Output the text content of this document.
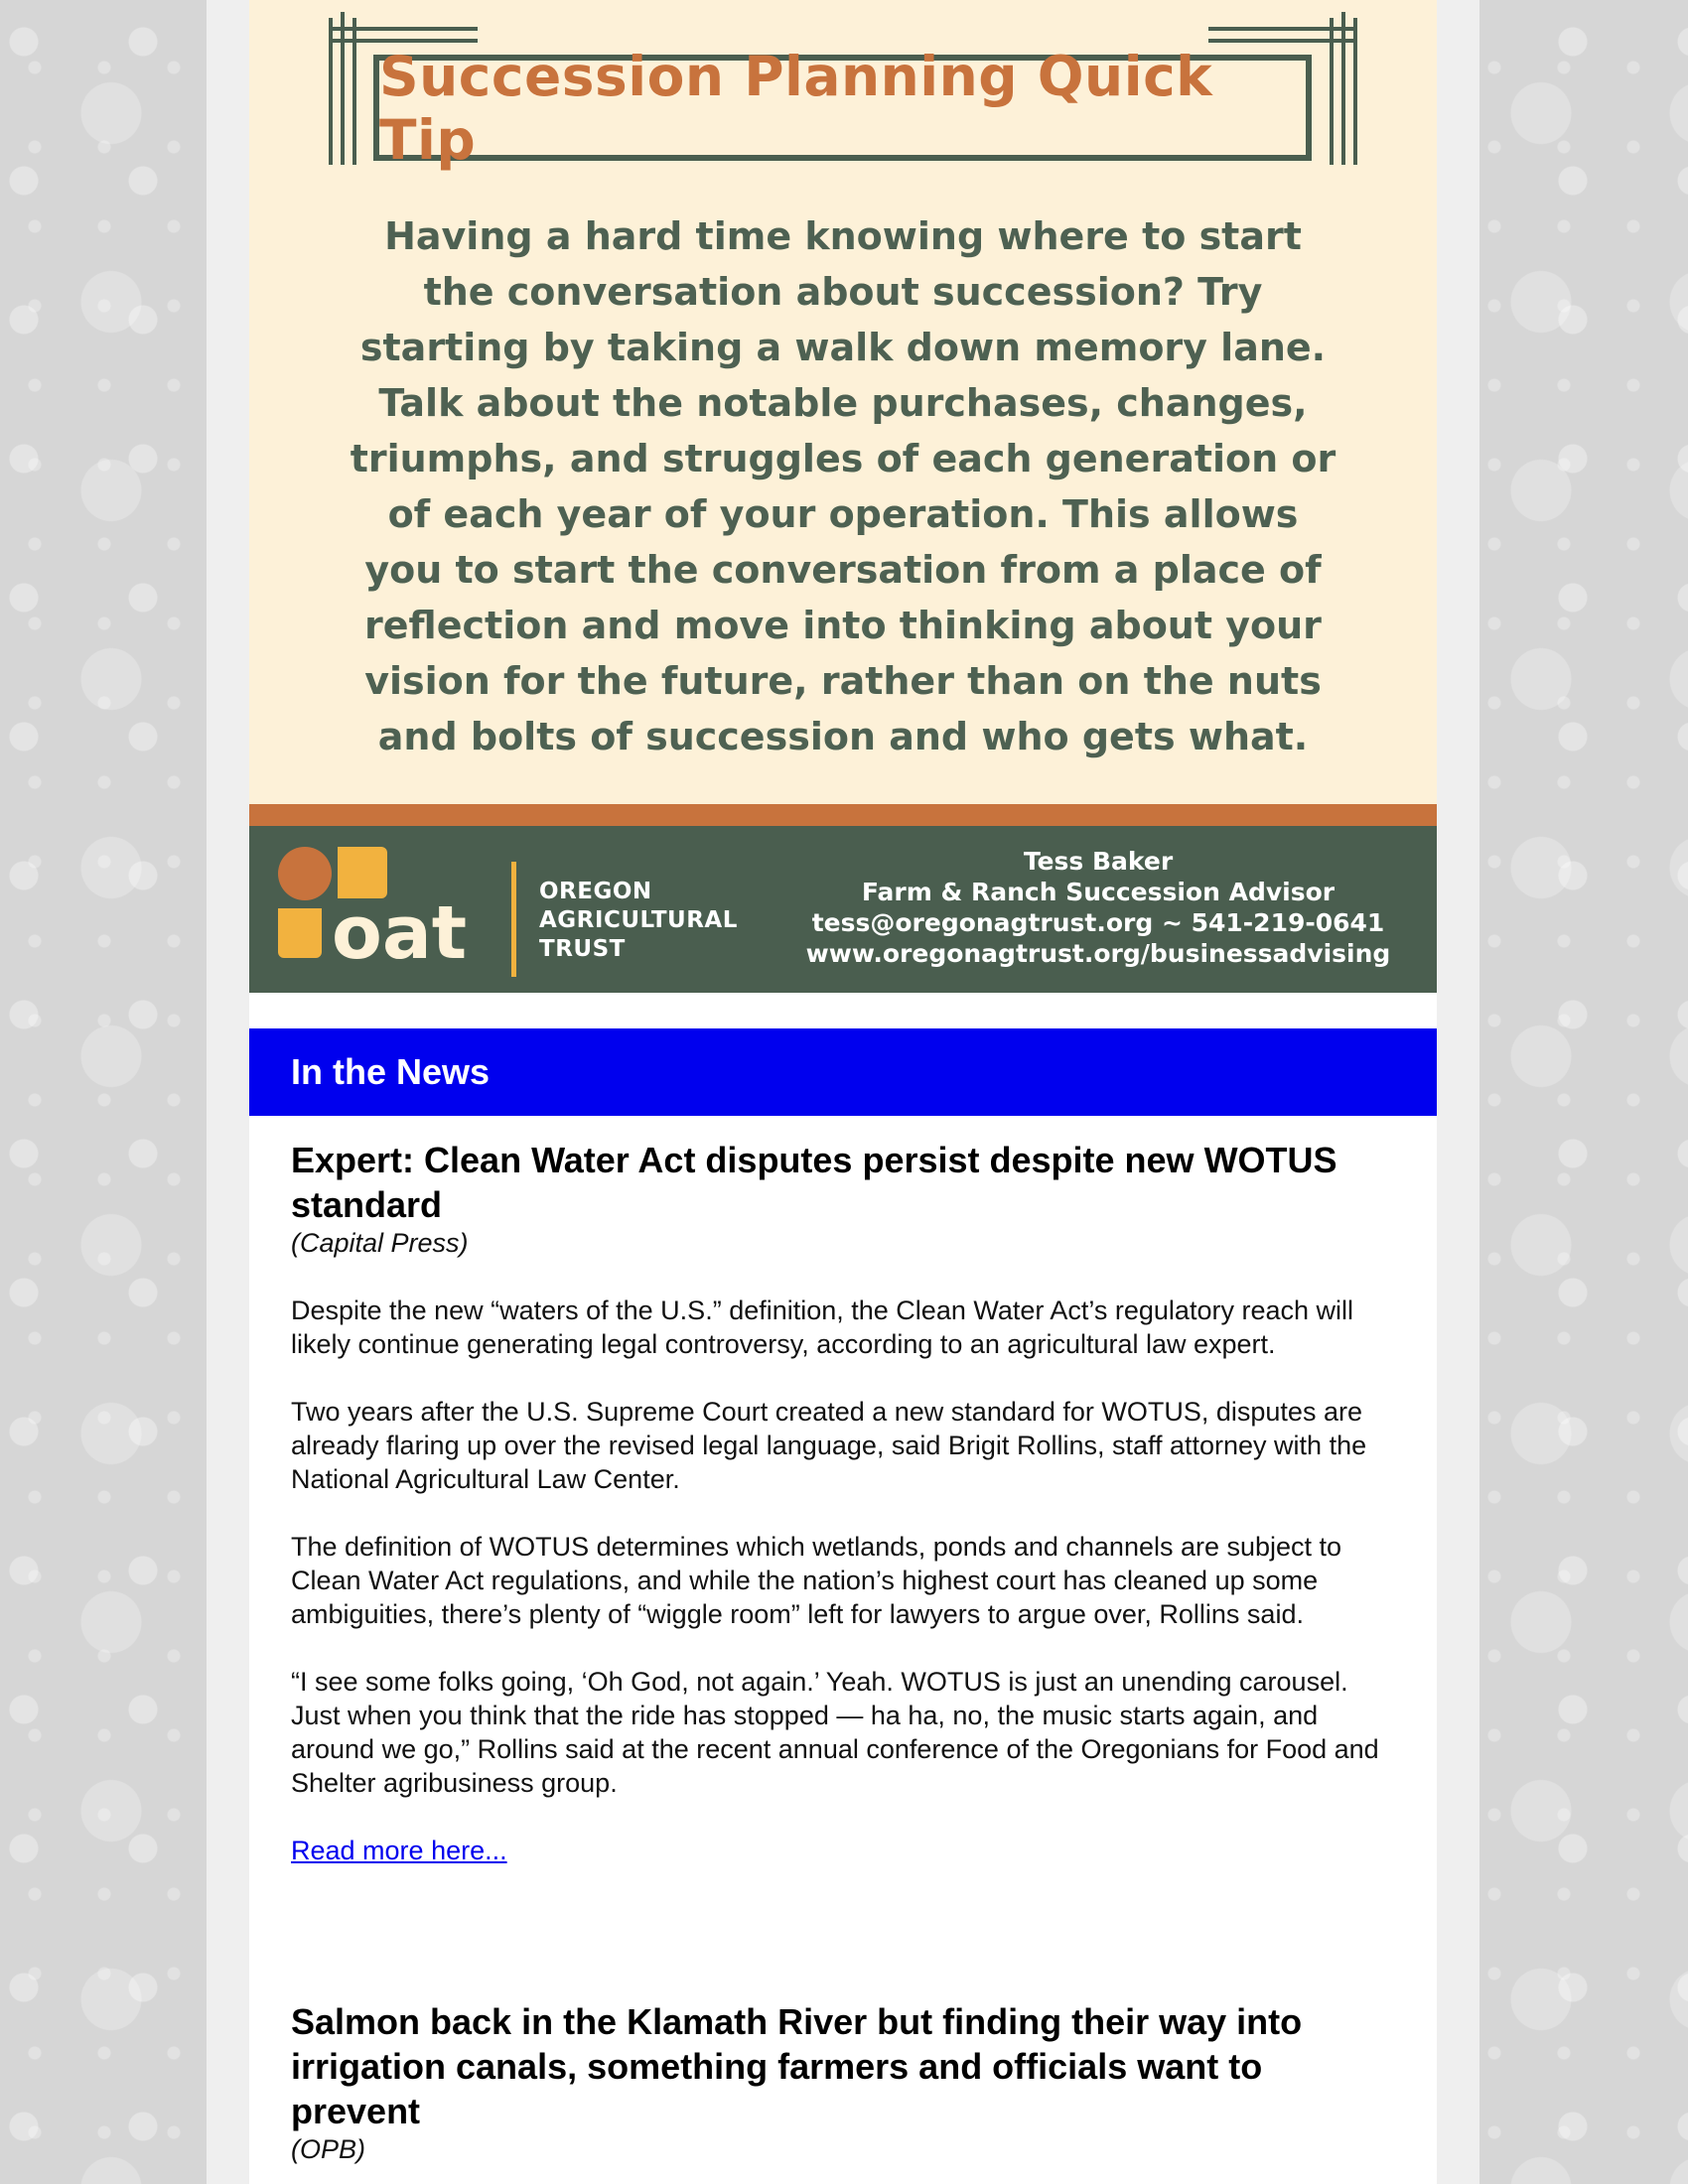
Succession Planning Quick Tip
Having a hard time knowing where to start the conversation about succession? Try starting by taking a walk down memory lane. Talk about the notable purchases, changes, triumphs, and struggles of each generation or of each year of your operation. This allows you to start the conversation from a place of reflection and move into thinking about your vision for the future, rather than on the nuts and bolts of succession and who gets what.
oat	OREGON
AGRICULTURAL
TRUST
Tess Baker
Farm & Ranch Succession Advisor
tess@oregonagtrust.org ~ 541-219-0641
www.oregonagtrust.org/businessadvising
In the News
Expert: Clean Water Act disputes persist despite new WOTUS standard
(Capital Press)

Despite the new “waters of the U.S.” definition, the Clean Water Act’s regulatory reach will likely continue generating legal controversy, according to an agricultural law expert.

Two years after the U.S. Supreme Court created a new standard for WOTUS, disputes are already flaring up over the revised legal language, said Brigit Rollins, staff attorney with the National Agricultural Law Center.

The definition of WOTUS determines which wetlands, ponds and channels are subject to Clean Water Act regulations, and while the nation’s highest court has cleaned up some ambiguities, there’s plenty of “wiggle room” left for lawyers to argue over, Rollins said.

“I see some folks going, ‘Oh God, not again.’ Yeah. WOTUS is just an unending carousel. Just when you think that the ride has stopped — ha ha, no, the music starts again, and around we go,” Rollins said at the recent annual conference of the Oregonians for Food and Shelter agribusiness group.

Read more here...
Salmon back in the Klamath River but finding their way into irrigation canals, something farmers and officials want to prevent
(OPB)
